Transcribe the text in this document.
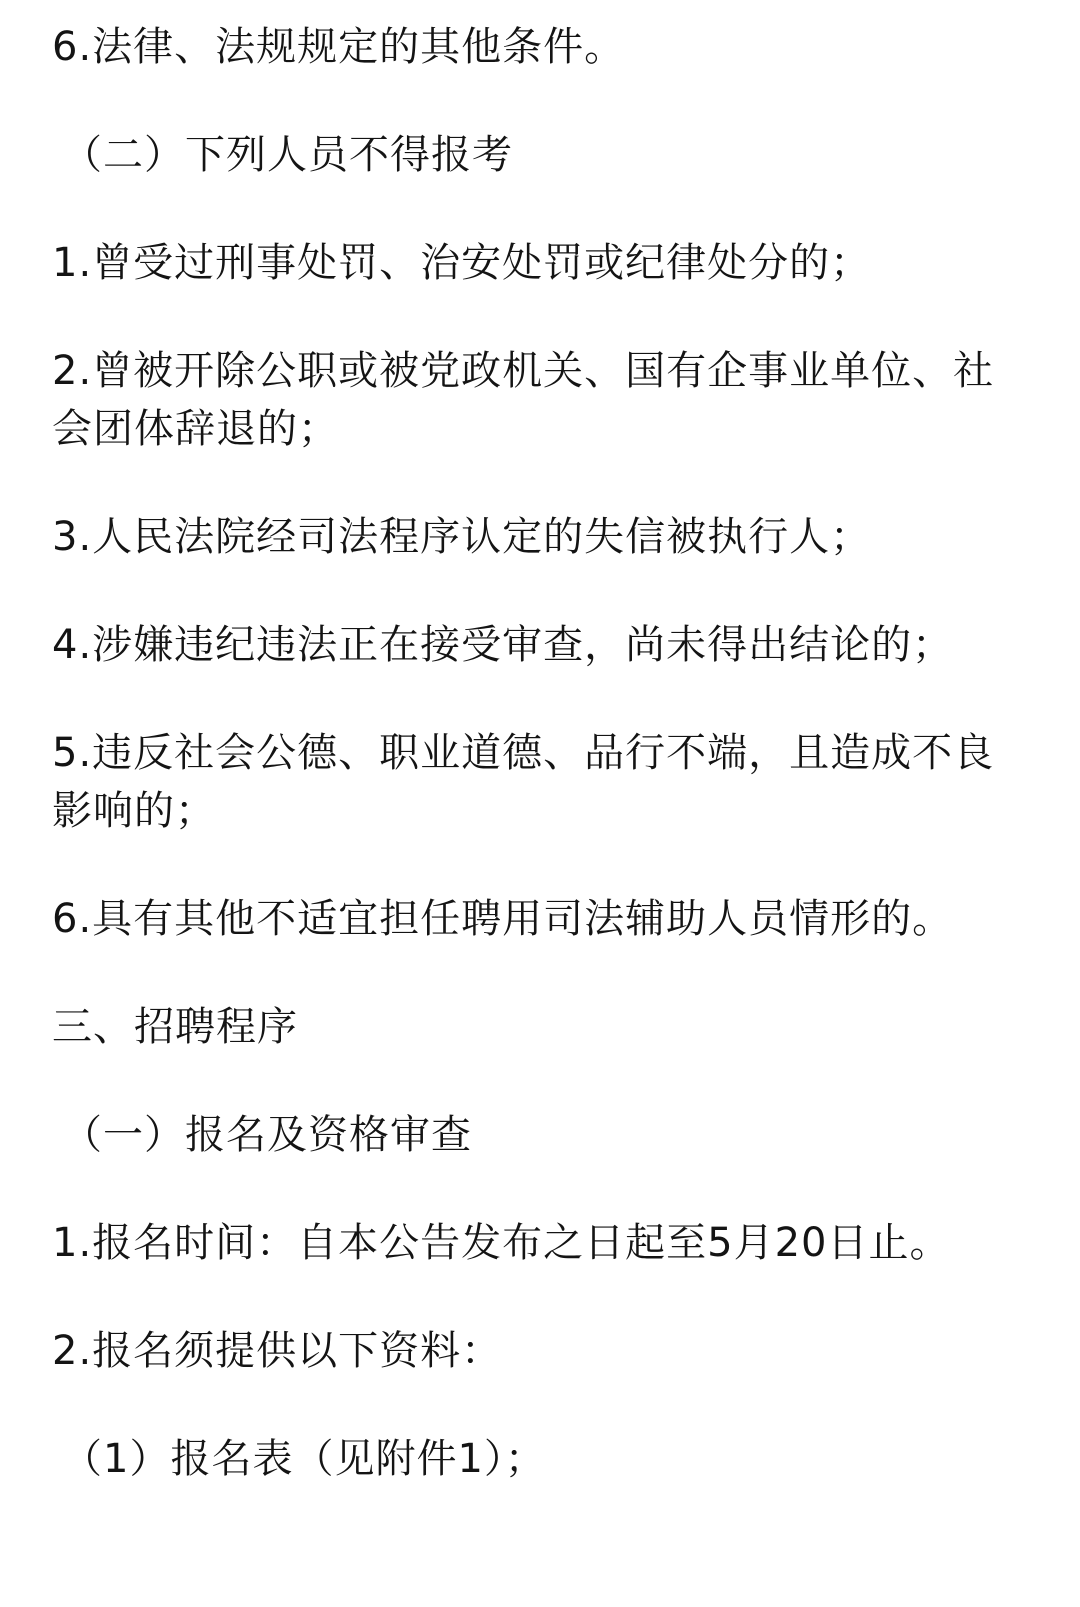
6.法律、法规规定的其他条件。

（二）下列人员不得报考

1.曾受过刑事处罚、治安处罚或纪律处分的；

2.曾被开除公职或被党政机关、国有企事业单位、社会团体辞退的；

3.人民法院经司法程序认定的失信被执行人；

4.涉嫌违纪违法正在接受审查，尚未得出结论的；

5.违反社会公德、职业道德、品行不端，且造成不良影响的；

6.具有其他不适宜担任聘用司法辅助人员情形的。

三、招聘程序

（一）报名及资格审查

1.报名时间：自本公告发布之日起至5月20日止。

2.报名须提供以下资料：

（1）报名表（见附件1）；
